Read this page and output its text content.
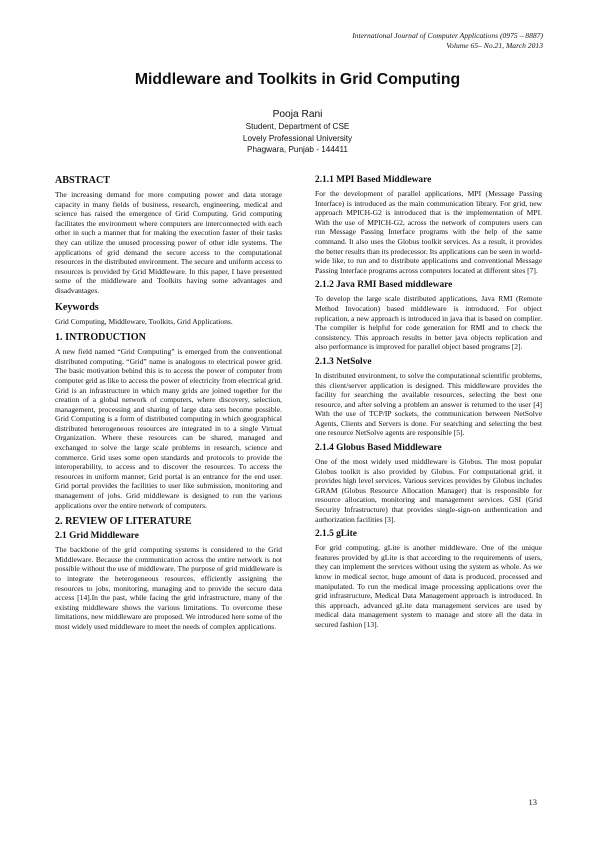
International Journal of Computer Applications (0975 – 8887)
Volume 65– No.21, March 2013
Middleware and Toolkits in Grid Computing
Pooja Rani
Student, Department of CSE
Lovely Professional University
Phagwara, Punjab - 144411
ABSTRACT

The increasing demand for more computing power and data storage capacity in many fields of business, research, engineering, medical and science has raised the emergence of Grid Computing. Grid computing facilitates the environment where computers are interconnected with each other in such a manner that for making the execution faster of their tasks they can utilize the unused processing power of other idle systems. The applications of grid demand the secure access to the computational resources in the distributed environment. The secure and uniform access to resources is provided by Grid Middleware. In this paper, I have presented some of the middleware and Toolkits having some advantages and disadvantages.

Keywords

Grid Computing, Middleware, Toolkits, Grid Applications.

1. INTRODUCTION

A new field named “Grid Computing” is emerged from the conventional distributed computing. “Grid” name is analogous to electrical power grid. The basic motivation behind this is to access the power of computer from computer grid as like to access the power of electricity from electrical grid. Grid is an infrastructure in which many grids are joined together for the creation of a global network of computers, where discovery, selection, management, processing and sharing of large data sets become possible. Grid Computing is a form of distributed computing in which geographical distributed heterogeneous resources are integrated in to a single Virtual Organization. Where these resources can be shared, managed and exchanged to solve the large scale problems in research, science and commerce. Grid uses some open standards and protocols to provide the interoperability, to access and to discover the resources. To access the resources in uniform manner, Grid portal is an entrance for the end user. Grid portal provides the facilities to user like submission, monitoring and management of jobs. Grid middleware is designed to run the various applications over the entire network of computers.

2. REVIEW OF LITERATURE
2.1 Grid Middleware

The backbone of the grid computing systems is considered to the Grid Middleware. Because the communication across the entire network is not possible without the use of middleware. The purpose of grid middleware is to integrate the heterogeneous resources, efficiently assigning the resources to jobs, monitoring, managing and to provide the secure data access [14].In the past, while facing the grid infrastructure, many of the existing middleware shows the various limitations. To overcome these limitations, new middleware are proposed. We introduced here some of the most widely used middleware to meet the needs of complex applications.

2.1.1 MPI Based Middleware

For the development of parallel applications, MPI (Message Passing Interface) is introduced as the main communication library. For grid, new approach MPICH-G2 is introduced that is the implementation of MPI. With the use of MPICH-G2, across the network of computers users can run Message Passing Interface programs with the help of the same command. It also uses the Globus toolkit services. As a result, it provides the better results than its predecessor. Its applications can be seen in world-wide like, to run and to distribute applications and conventional Message Passing Interface programs across computers located at different sites [7].

2.1.2 Java RMI Based middleware

To develop the large scale distributed applications, Java RMI (Remote Method Invocation) based middleware is introduced. For object replication, a new approach is introduced in java that is based on complier. The compiler is helpful for code generation for RMI and to check the consistency. This approach results in better java objects replication and also performance is improved for parallel object based programs [2].

2.1.3 NetSolve

In distributed environment, to solve the computational scientific problems, this client/server application is designed. This middleware provides the facility for searching the available resources, selecting the best one resource, and after solving a problem an answer is returned to the user [4] With the use of TCP/IP sockets, the communication between NetSolve Agents, Clients and Servers is done. For searching and selecting the best one resource NetSolve agents are responsible [5].

2.1.4 Globus Based Middleware

One of the most widely used middleware is Globus. The most popular Globus toolkit is also provided by Globus. For computational grid, it provides high level services. Various services provides by Globus includes GRAM (Globus Resource Allocation Manager) that is responsible for resource allocation, monitoring and management services. GSI (Grid Security Infrastructure) that provides single-sign-on authentication and authorization facilities [3].

2.1.5 gLite

For grid computing, gLite is another middleware. One of the unique features provided by gLite is that according to the requirements of users, they can implement the services without using the system as whole. As we know in medical sector, huge amount of data is produced, processed and manipulated. To run the medical image processing applications over the grid infrastructure, Medical Data Management approach is introduced. In this approach, advanced gLite data management services are used by medical data management system to manage and store all the data in secured fashion [13].

13
